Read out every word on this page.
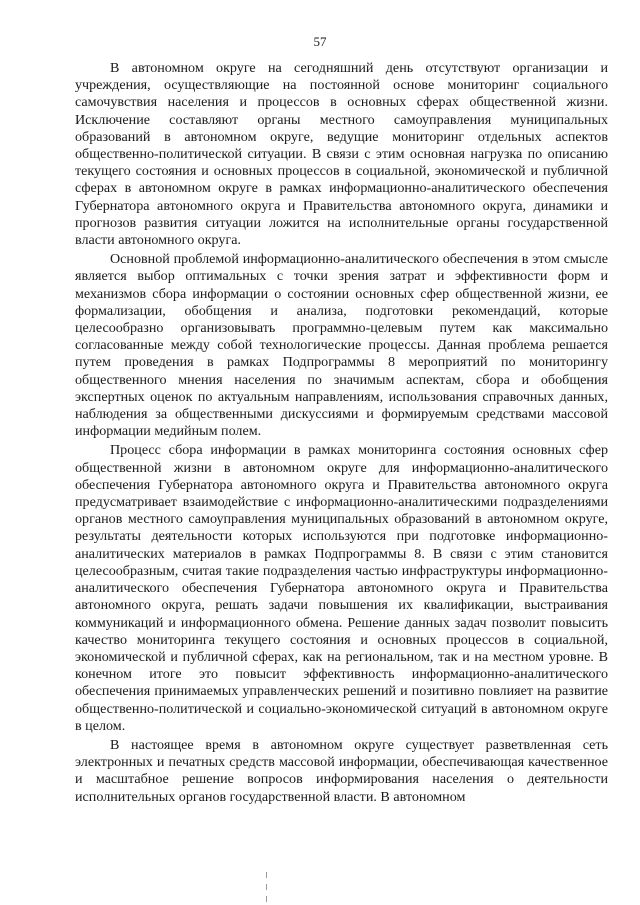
57

В автономном округе на сегодняшний день отсутствуют организации и учреждения, осуществляющие на постоянной основе мониторинг социального самочувствия населения и процессов в основных сферах общественной жизни. Исключение составляют органы местного самоуправления муниципальных образований в автономном округе, ведущие мониторинг отдельных аспектов общественно-политической ситуации. В связи с этим основная нагрузка по описанию текущего состояния и основных процессов в социальной, экономической и публичной сферах в автономном округе в рамках информационно-аналитического обеспечения Губернатора автономного округа и Правительства автономного округа, динамики и прогнозов развития ситуации ложится на исполнительные органы государственной власти автономного округа.

Основной проблемой информационно-аналитического обеспечения в этом смысле является выбор оптимальных с точки зрения затрат и эффективности форм и механизмов сбора информации о состоянии основных сфер общественной жизни, ее формализации, обобщения и анализа, подготовки рекомендаций, которые целесообразно организовывать программно-целевым путем как максимально согласованные между собой технологические процессы. Данная проблема решается путем проведения в рамках Подпрограммы 8 мероприятий по мониторингу общественного мнения населения по значимым аспектам, сбора и обобщения экспертных оценок по актуальным направлениям, использования справочных данных, наблюдения за общественными дискуссиями и формируемым средствами массовой информации медийным полем.

Процесс сбора информации в рамках мониторинга состояния основных сфер общественной жизни в автономном округе для информационно-аналитического обеспечения Губернатора автономного округа и Правительства автономного округа предусматривает взаимодействие с информационно-аналитическими подразделениями органов местного самоуправления муниципальных образований в автономном округе, результаты деятельности которых используются при подготовке информационно-аналитических материалов в рамках Подпрограммы 8. В связи с этим становится целесообразным, считая такие подразделения частью инфраструктуры информационно-аналитического обеспечения Губернатора автономного округа и Правительства автономного округа, решать задачи повышения их квалификации, выстраивания коммуникаций и информационного обмена. Решение данных задач позволит повысить качество мониторинга текущего состояния и основных процессов в социальной, экономической и публичной сферах, как на региональном, так и на местном уровне. В конечном итоге это повысит эффективность информационно-аналитического обеспечения принимаемых управленческих решений и позитивно повлияет на развитие общественно-политической и социально-экономической ситуаций в автономном округе в целом.

В настоящее время в автономном округе существует разветвленная сеть электронных и печатных средств массовой информации, обеспечивающая качественное и масштабное решение вопросов информирования населения о деятельности исполнительных органов государственной власти. В автономном
